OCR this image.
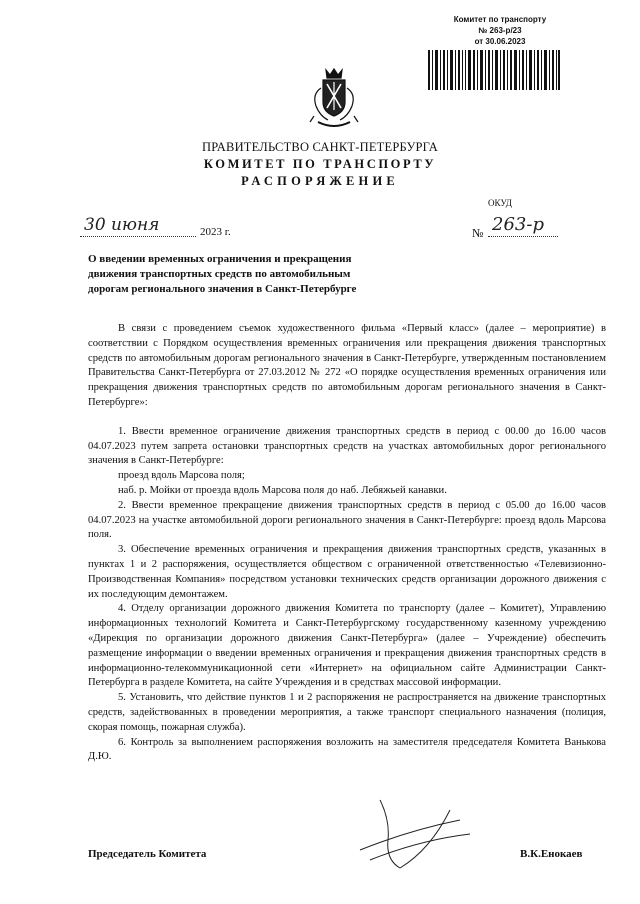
Комитет по транспорту
№ 263-р/23
от 30.06.2023
ПРАВИТЕЛЬСТВО САНКТ-ПЕТЕРБУРГА
КОМИТЕТ ПО ТРАНСПОРТУ
РАСПОРЯЖЕНИЕ
ОКУД
30 июня	2023 г.	№ 263-р
О введении временных ограничения и прекращения движения транспортных средств по автомобильным дорогам регионального значения в Санкт-Петербурге

В связи с проведением съемок художественного фильма «Первый класс» (далее – мероприятие) в соответствии с Порядком осуществления временных ограничения или прекращения движения транспортных средств по автомобильным дорогам регионального значения в Санкт-Петербурге, утвержденным постановлением Правительства Санкт-Петербурга от 27.03.2012 № 272 «О порядке осуществления временных ограничения или прекращения движения транспортных средств по автомобильным дорогам регионального значения в Санкт-Петербурге»:

1. Ввести временное ограничение движения транспортных средств в период с 00.00 до 16.00 часов 04.07.2023 путем запрета остановки транспортных средств на участках автомобильных дорог регионального значения в Санкт-Петербурге:

проезд вдоль Марсова поля;

наб. р. Мойки от проезда вдоль Марсова поля до наб. Лебяжьей канавки.

2. Ввести временное прекращение движения транспортных средств в период с 05.00 до 16.00 часов 04.07.2023 на участке автомобильной дороги регионального значения в Санкт-Петербурге: проезд вдоль Марсова поля.

3. Обеспечение временных ограничения и прекращения движения транспортных средств, указанных в пунктах 1 и 2 распоряжения, осуществляется обществом с ограниченной ответственностью «Телевизионно-Производственная Компания» посредством установки технических средств организации дорожного движения с их последующим демонтажем.

4. Отделу организации дорожного движения Комитета по транспорту (далее – Комитет), Управлению информационных технологий Комитета и Санкт-Петербургскому государственному казенному учреждению «Дирекция по организации дорожного движения Санкт-Петербурга» (далее – Учреждение) обеспечить размещение информации о введении временных ограничения и прекращения движения транспортных средств в информационно-телекоммуникационной сети «Интернет» на официальном сайте Администрации Санкт-Петербурга в разделе Комитета, на сайте Учреждения и в средствах массовой информации.

5. Установить, что действие пунктов 1 и 2 распоряжения не распространяется на движение транспортных средств, задействованных в проведении мероприятия, а также транспорт специального назначения (полиция, скорая помощь, пожарная служба).

6. Контроль за выполнением распоряжения возложить на заместителя председателя Комитета Ванькова Д.Ю.

Председатель Комитета	В.К.Енокаев
